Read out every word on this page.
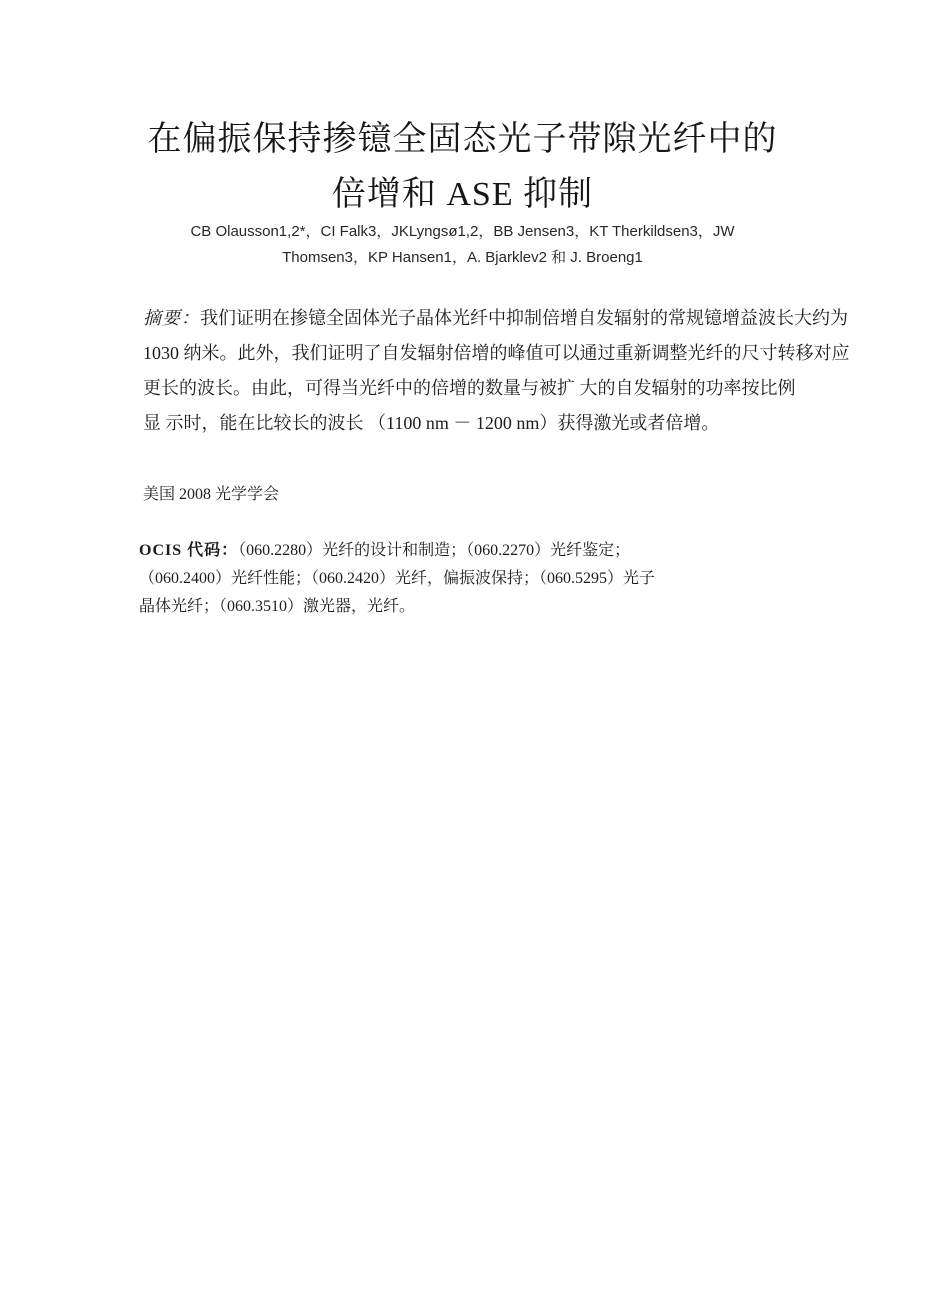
在偏振保持掺镱全固态光子带隙光纤中的
倍增和 ASE 抑制
CB Olausson1,2*，CI Falk3，JKLyngsø1,2，BB Jensen3，KT Therkildsen3，JW
Thomsen3，KP Hansen1，A. Bjarklev2 和 J. Broeng1
摘要：我们证明在掺镱全固体光子晶体光纤中抑制倍增自发辐射的常规镱增益波长大约为
1030 纳米。此外，我们证明了自发辐射倍增的峰值可以通过重新调整光纤的尺寸转移对应
更长的波长。由此，可得当光纤中的倍增的数量与被扩 大的自发辐射的功率按比例
显 示时，能在比较长的波长 （1100 nm － 1200 nm）获得激光或者倍增。
美国 2008 光学学会
OCIS 代码：（060.2280）光纤的设计和制造；（060.2270）光纤鉴定；
（060.2400）光纤性能；（060.2420）光纤，偏振波保持；（060.5295）光子
晶体光纤；（060.3510）激光器，光纤。
